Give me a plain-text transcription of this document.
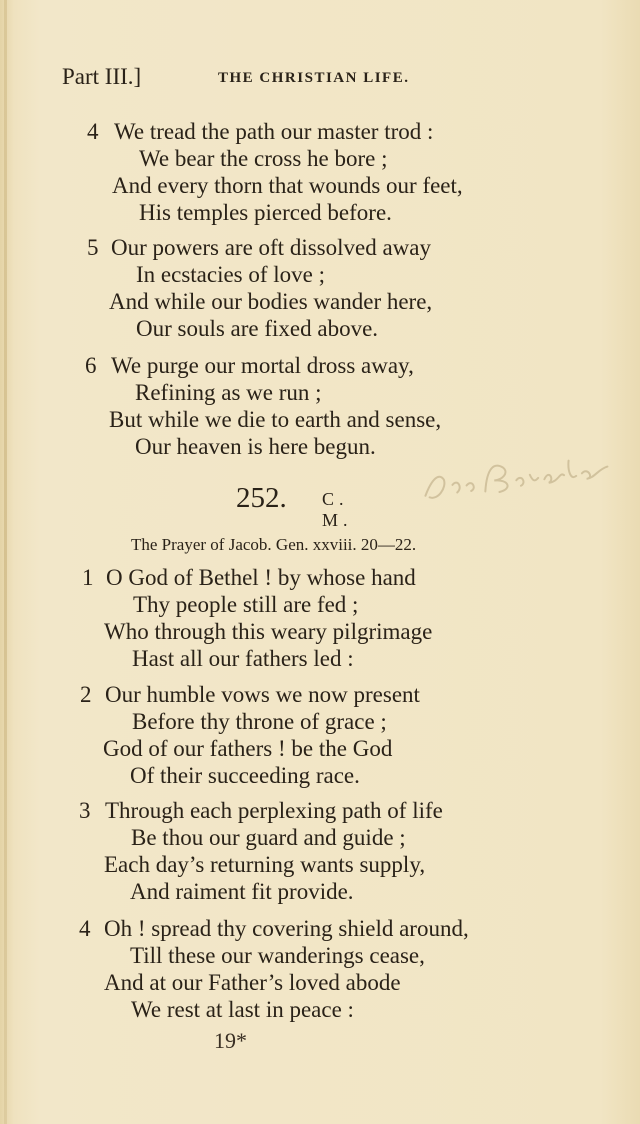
Part III.]	THE CHRISTIAN LIFE.
4 We tread the path our master trod :
We bear the cross he bore ;
And every thorn that wounds our feet,
His temples pierced before.
5 Our powers are oft dissolved away
In ecstacies of love ;
And while our bodies wander here,
Our souls are fixed above.
6 We purge our mortal dross away,
Refining as we run ;
But while we die to earth and sense,
Our heaven is here begun.
252. C. M.
The Prayer of Jacob. Gen. xxviii. 20—22.
1 O God of Bethel ! by whose hand
Thy people still are fed ;
Who through this weary pilgrimage
Hast all our fathers led :
2 Our humble vows we now present
Before thy throne of grace ;
God of our fathers ! be the God
Of their succeeding race.
3 Through each perplexing path of life
Be thou our guard and guide ;
Each day’s returning wants supply,
And raiment fit provide.
4 Oh ! spread thy covering shield around,
Till these our wanderings cease,
And at our Father’s loved abode
We rest at last in peace :
19*
